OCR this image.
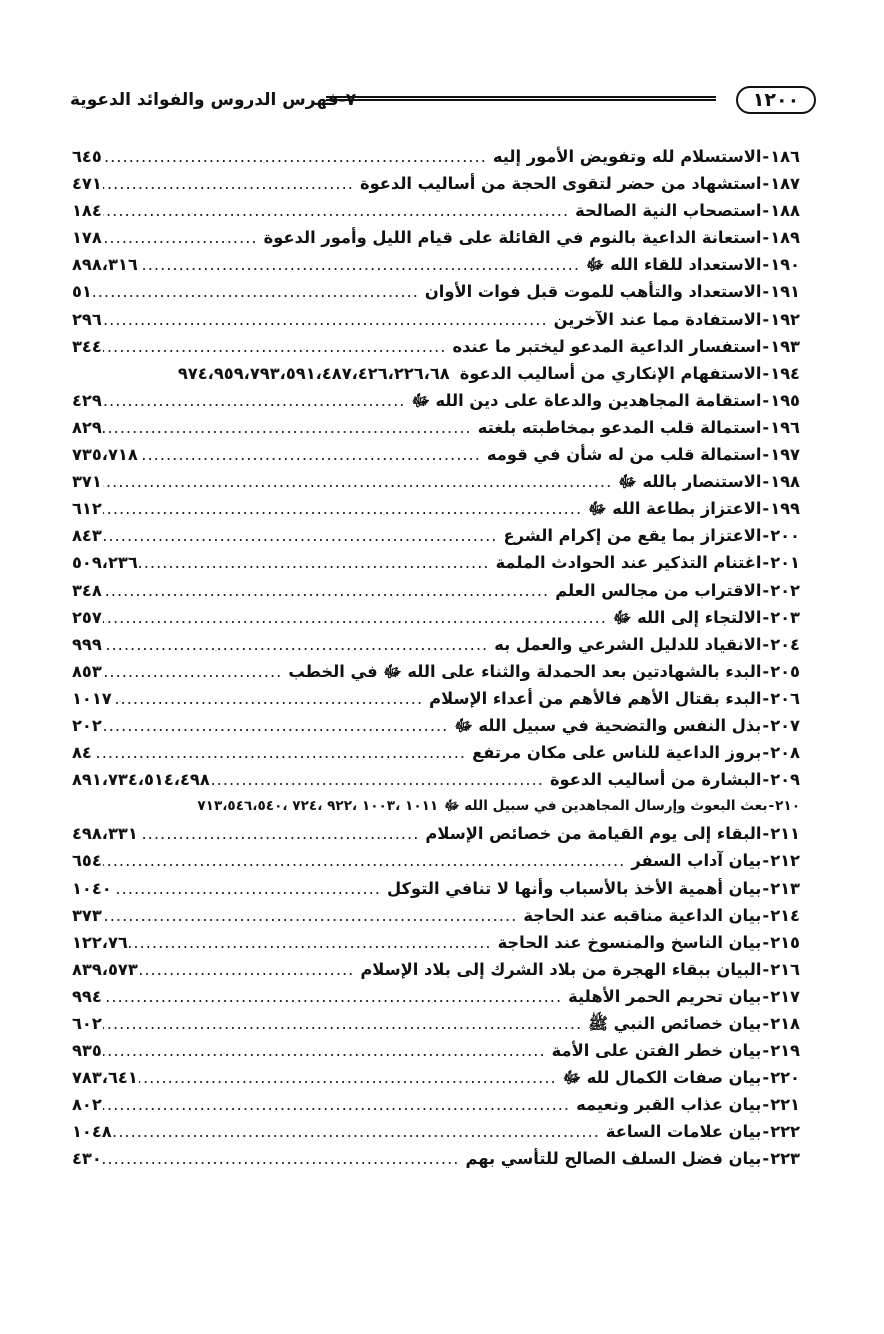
١٢٠٠
٧-فهرس الدروس والفوائد الدعوية
١٨٦
-
الاستسلام لله وتفويض الأمور إليه
.....
٦٤٥
١٨٧
-
استشهاد من حضر لتقوى الحجة من أساليب الدعوة
.....
٤٧١
١٨٨
-
استصحاب النية الصالحة
.....
١٨٤
١٨٩
-
استعانة الداعية بالنوم في القائلة على قيام الليل وأمور الدعوة
.....
١٧٨
١٩٠
-
الاستعداد للقاء الله ﷻ
.....
٨٩٨،٣١٦
١٩١
-
الاستعداد والتأهب للموت قبل فوات الأوان
.....
٥١
١٩٢
-
الاستفادة مما عند الآخرين
.....
٢٩٦
١٩٣
-
استفسار الداعية المدعو ليختبر ما عنده
.....
٣٤٤
١٩٤
-
الاستفهام الإنكاري من أساليب الدعوة
٩٧٤،٩٥٩،٧٩٣،٥٩١،٤٨٧،٤٢٦،٢٢٦،٦٨
١٩٥
-
استقامة المجاهدين والدعاة على دين الله ﷻ
.....
٤٢٩
١٩٦
-
استمالة قلب المدعو بمخاطبته بلغته
.....
٨٢٩
١٩٧
-
استمالة قلب من له شأن في قومه
.....
٧٣٥،٧١٨
١٩٨
-
الاستنصار بالله ﷻ
.....
٣٧١
١٩٩
-
الاعتزاز بطاعة الله ﷻ
.....
٦١٢
٢٠٠
-
الاعتزاز بما يقع من إكرام الشرع
.....
٨٤٣
٢٠١
-
اغتنام التذكير عند الحوادث الملمة
.....
٥٠٩،٢٣٦
٢٠٢
-
الاقتراب من مجالس العلم
.....
٣٤٨
٢٠٣
-
الالتجاء إلى الله ﷻ
.....
٢٥٧
٢٠٤
-
الانقياد للدليل الشرعي والعمل به
.....
٩٩٩
٢٠٥
-
البدء بالشهادتين بعد الحمدلة والثناء على الله ﷻ في الخطب
.....
٨٥٣
٢٠٦
-
البدء بقتال الأهم فالأهم من أعداء الإسلام
.....
١٠١٧
٢٠٧
-
بذل النفس والتضحية في سبيل الله ﷻ
.....
٢٠٢
٢٠٨
-
بروز الداعية للناس على مكان مرتفع
.....
٨٤
٢٠٩
-
البشارة من أساليب الدعوة
.....
٨٩١،٧٣٤،٥١٤،٤٩٨
٢١٠
-
بعث البعوث وإرسال المجاهدين في سبيل الله ﷻ
١٠١١ ،١٠٠٣ ،٩٢٢ ،٧٢٤ ،٧١٣،٥٤٦،٥٤٠
٢١١
-
البقاء إلى يوم القيامة من خصائص الإسلام
.....
٤٩٨،٣٣١
٢١٢
-
بيان آداب السفر
.....
٦٥٤
٢١٣
-
بيان أهمية الأخذ بالأسباب وأنها لا تنافي التوكل
.....
١٠٤٠
٢١٤
-
بيان الداعية مناقبه عند الحاجة
.....
٣٧٣
٢١٥
-
بيان الناسخ والمنسوخ عند الحاجة
.....
١٢٢،٧٦
٢١٦
-
البيان ببقاء الهجرة من بلاد الشرك إلى بلاد الإسلام
.....
٨٣٩،٥٧٣
٢١٧
-
بيان تحريم الحمر الأهلية
.....
٩٩٤
٢١٨
-
بيان خصائص النبي ﷺ
.....
٦٠٢
٢١٩
-
بيان خطر الفتن على الأمة
.....
٩٣٥
٢٢٠
-
بيان صفات الكمال لله ﷻ
.....
٧٨٣،٦٤١
٢٢١
-
بيان عذاب القبر ونعيمه
.....
٨٠٢
٢٢٢
-
بيان علامات الساعة
.....
١٠٤٨
٢٢٣
-
بيان فضل السلف الصالح للتأسي بهم
.....
٤٣٠
